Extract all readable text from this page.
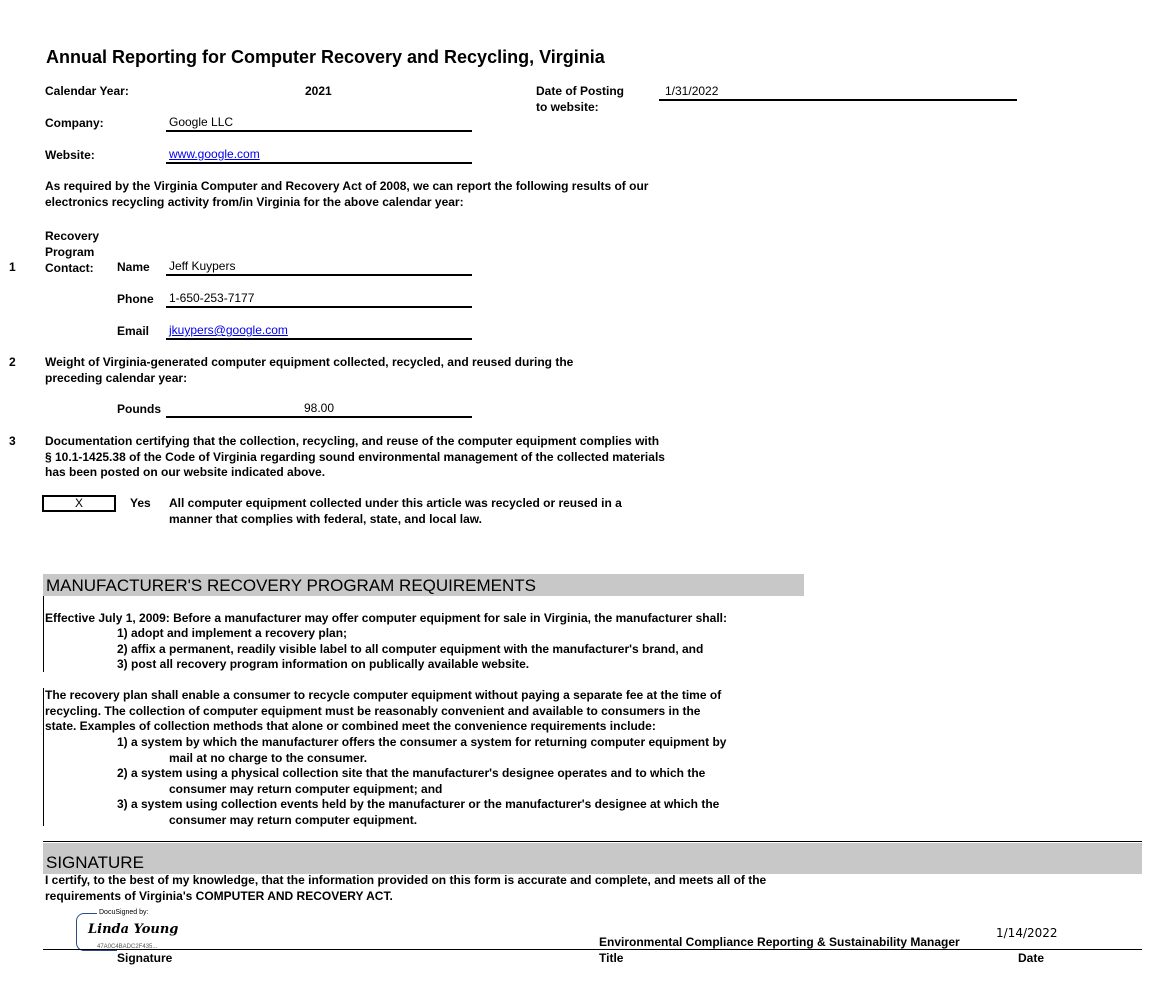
Annual Reporting for Computer Recovery and Recycling, Virginia
Calendar Year:	2021	Date of Posting
to website:
1/31/2022
Company:	Google LLC
Website:	www.google.com
As required by the Virginia Computer and Recovery Act of 2008, we can report the following results of our
electronics recycling activity from/in Virginia for the above calendar year:
1
Recovery
Program
Contact:	Name Jeff Kuypers
Phone 1-650-253-7177
Email jkuypers@google.com
2 Weight of Virginia-generated computer equipment collected, recycled, and reused during the
preceding calendar year:
Pounds	98.00
3 Documentation certifying that the collection, recycling, and reuse of the computer equipment complies with
§ 10.1-1425.38 of the Code of Virginia regarding sound environmental management of the collected materials
has been posted on our website indicated above.
X	Yes All computer equipment collected under this article was recycled or reused in a
manner that complies with federal, state, and local law.
MANUFACTURER'S RECOVERY PROGRAM REQUIREMENTS
Effective July 1, 2009: Before a manufacturer may offer computer equipment for sale in Virginia, the manufacturer shall:
1) adopt and implement a recovery plan;
2) affix a permanent, readily visible label to all computer equipment with the manufacturer's brand, and
3) post all recovery program information on publically available website.
The recovery plan shall enable a consumer to recycle computer equipment without paying a separate fee at the time of
recycling. The collection of computer equipment must be reasonably convenient and available to consumers in the
state. Examples of collection methods that alone or combined meet the convenience requirements include:
1) a system by which the manufacturer offers the consumer a system for returning computer equipment by
mail at no charge to the consumer.
2) a system using a physical collection site that the manufacturer's designee operates and to which the
consumer may return computer equipment; and
3) a system using collection events held by the manufacturer or the manufacturer's designee at which the
consumer may return computer equipment.
SIGNATURE
I certify, to the best of my knowledge, that the information provided on this form is accurate and complete, and meets all of the
requirements of Virginia's COMPUTER AND RECOVERY ACT.
DocuSigned by:
Linda Young
47A0C4BADC2F435...	Environmental Compliance Reporting & Sustainability Manager
1/14/2022
Signature	Title	Date
